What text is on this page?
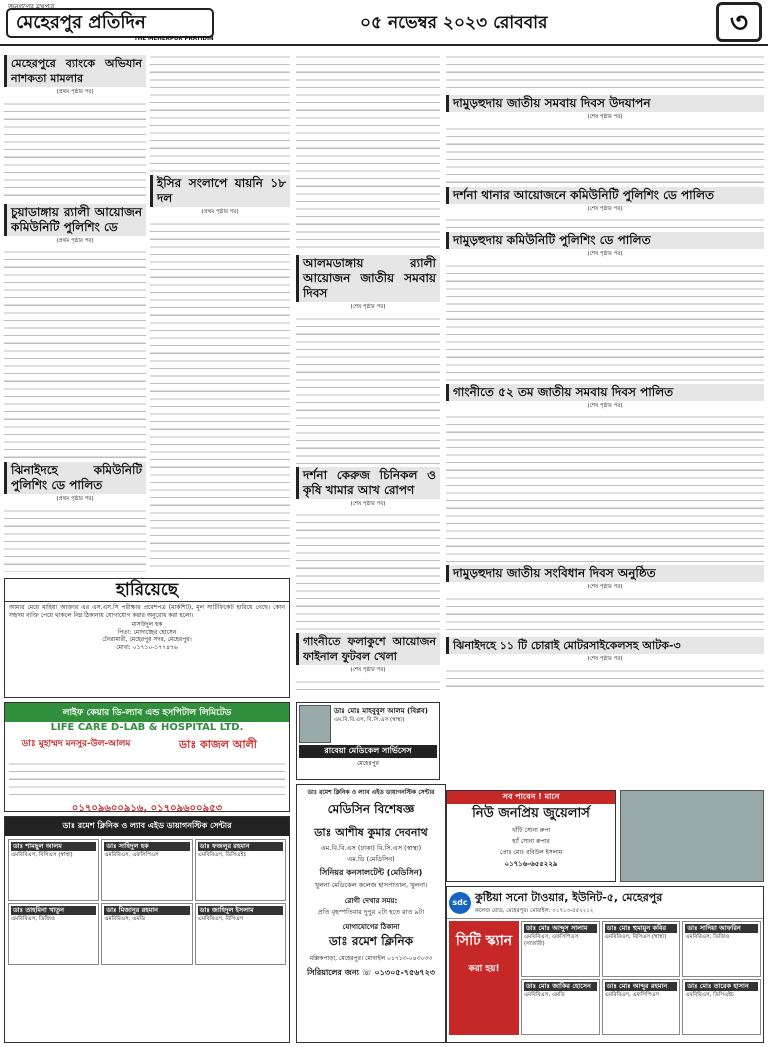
জনগণের মুখপত্র
মেহেরপুর প্রতিদিন
THE MEHERPUR PRATIDIN
০৫ নভেম্বর ২০২৩ রোববার	৩
মেহেরপুরে ব্যাংকে অভিযান নাশকতা মামলার
(প্রথম পৃষ্ঠার পর)
চুয়াডাঙ্গায় র‍্যালী আয়োজন কমিউনিটি পুলিশিং ডে
(প্রথম পৃষ্ঠার পর)
ঝিনাইদহে কমিউনিটি পুলিশিং ডে পালিত
(প্রথম পৃষ্ঠার পর)
ইসির সংলাপে যায়নি ১৮ দল
(প্রথম পৃষ্ঠার পর)
হারিয়েছে
আমার মেয়ে মাহিয়া আক্তার এর এস.এস.সি পরীক্ষার প্রবেশপত্র (মার্কশিট), মূল সার্টিফিকেট হারিয়ে গেছে। কোন সহৃদয় ব্যক্তি পেয়ে থাকলে নিম্ন ঠিকানায় যোগাযোগ করার অনুরোধ করা হলো।
মাসউদুল হক
পিতা: মোদাচ্ছের হোসেন
টেংরামারী, মেহেরপুর সদর, মেহেরপুর।
মোবা: ০১৭১০-১৭৭৪৭৬
আলমডাঙ্গায় র‍্যালী আয়োজন জাতীয় সমবায় দিবস
(শেষ পৃষ্ঠার পর)
দর্শনা কেরুজ চিনিকল ও কৃষি খামার আখ রোপণ
(শেষ পৃষ্ঠার পর)
গাংনীতে ফলাকুশে আয়োজন ফাইনাল ফুটবল খেলা
(শেষ পৃষ্ঠার পর)
দামুড়হুদায় জাতীয় সমবায় দিবস উদযাপন
(শেষ পৃষ্ঠার পর)
দর্শনা থানার আয়োজনে কমিউনিটি পুলিশিং ডে পালিত
(শেষ পৃষ্ঠার পর)
দামুড়হুদায় কমিউনিটি পুলিশিং ডে পালিত
(শেষ পৃষ্ঠার পর)
গাংনীতে ৫২ তম জাতীয় সমবায় দিবস পালিত
(শেষ পৃষ্ঠার পর)
দামুড়হুদায় জাতীয় সংবিধান দিবস অনুষ্ঠিত
(শেষ পৃষ্ঠার পর)
ঝিনাইদহে ১১ টি চোরাই মোটরসাইকেলসহ আটক-৩
(শেষ পৃষ্ঠার পর)
লাইফ কেয়ার ডি-ল্যাব এন্ড হসপিটাল লিমিটেড
LIFE CARE D-LAB & HOSPITAL LTD.
ডাঃ মুহাম্মদ মনসুর-উল-আলম	ডাঃ কাজল আলী
০১৭০৯৬০০৯১৬, ০১৭০৯৬০০৯৫৩
ডাঃ রমেশ ক্লিনিক ও ল্যাব এইড ডায়াগনস্টিক সেন্টার
ডাঃ শামছুল আলম
এমবিবিএস, বিসিএস (স্বাস্থ্য)
ডাঃ সাহিদুল হক
এমবিবিএস, এফসিপিএস
ডাঃ ফজলুর রহমান
এমবিবিএস, ডিসিএইচ
ডাঃ তাহমিনা খাতুন
এমবিবিএস, ডিজিও
ডাঃ মিজানুর রহমান
এমবিবিএস, এমডি
ডাঃ জাহিদুল ইসলাম
এমবিবিএস, বিসিএস
ডাঃ মোঃ মাহবুবুল আলম (বিপ্লব)
এম.বি.বি.এস, বি.সি.এস (স্বাস্থ্য)
রাবেয়া মেডিকেল সার্ভিসেস
মেহেরপুর
ডাঃ রমেশ ক্লিনিক ও ল্যাব এইড ডায়াগনস্টিক সেন্টার
মেডিসিন বিশেষজ্ঞ
ডাঃ আশীষ কুমার দেবনাথ
এম.বি.বি.এস (ঢাকা) বি.সি.এস (স্বাস্থ্য)
এম.ডি (মেডিসিন)
সিনিয়র কনসালটেন্ট (মেডিসিন)
খুলনা মেডিকেল কলেজ হাসপাতাল, খুলনা।
রোগী দেখার সময়:
প্রতি বৃহস্পতিবার দুপুর ২টা হতে রাত ৯টা
যোগাযোগের ঠিকানা
ডাঃ রমেশ ক্লিনিক
মল্লিকপাড়া, মেহেরপুর। মোবাইল ০১৭১৩-০৪৩০৩৩
সিরিয়ালের জন্য ☏ ০১৩০৫-৭৫৬৭২৩
সব পাবেন ! মানে
নিউ জনপ্রিয় জুয়েলার্স
খাঁটি সোনা রুপা
হ্যাঁ সোনা রুপার
প্রোঃ মোঃ রবিউল ইসলাম
০১৭১৬-৬৫৫২২৯
sdc কুষ্টিয়া সনো টাওয়ার, ইউনিট-৫, মেহেরপুর
কলেজ রোড, মেহেরপুর। মোবাইল: ০১৭১৩-৫৫২২১২
সিটি স্ক্যান
করা হয়!
ডাঃ মোঃ আব্দুস সালাম
এমবিবিএস, এফসিপিএস (সার্জারী)
ডাঃ মোঃ হুমায়ুন কবির
এমবিবিএস, বিসিএস (স্বাস্থ্য)
ডাঃ সাদিয়া আফরিন
এমবিবিএস, ডিজিও
ডাঃ মোঃ জাকির হোসেন
এমবিবিএস, এমডি
ডাঃ মোঃ আব্দুর রহমান
এমবিবিএস, এফসিপিএস
ডাঃ মোঃ তারেক হাসান
এমবিবিএস, ডিসিএইচ
